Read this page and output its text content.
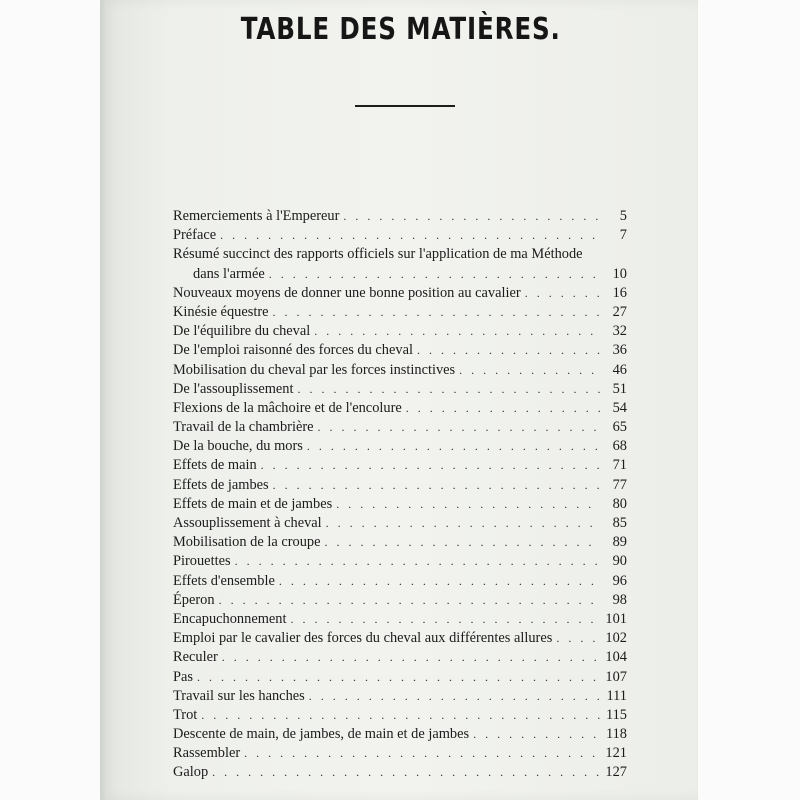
TABLE DES MATIÈRES.
Remerciements à l'Empereur . . .	5
Préface . . .	7
Résumé succinct des rapports officiels sur l'application de ma Méthode
dans l'armée . . .	10
Nouveaux moyens de donner une bonne position au cavalier . . .	16
Kinésie équestre . . .	27
De l'équilibre du cheval . . .	32
De l'emploi raisonné des forces du cheval . . .	36
Mobilisation du cheval par les forces instinctives . . .	46
De l'assouplissement . . .	51
Flexions de la mâchoire et de l'encolure . . .	54
Travail de la chambrière . . .	65
De la bouche, du mors . . .	68
Effets de main . . .	71
Effets de jambes . . .	77
Effets de main et de jambes . . .	80
Assouplissement à cheval . . .	85
Mobilisation de la croupe . . .	89
Pirouettes . . .	90
Effets d'ensemble . . .	96
Éperon . . .	98
Encapuchonnement . . .	101
Emploi par le cavalier des forces du cheval aux différentes allures . . .	102
Reculer . . .	104
Pas . . .	107
Travail sur les hanches . . .	111
Trot . . .	115
Descente de main, de jambes, de main et de jambes . . .	118
Rassembler . . .	121
Galop . . .	127
